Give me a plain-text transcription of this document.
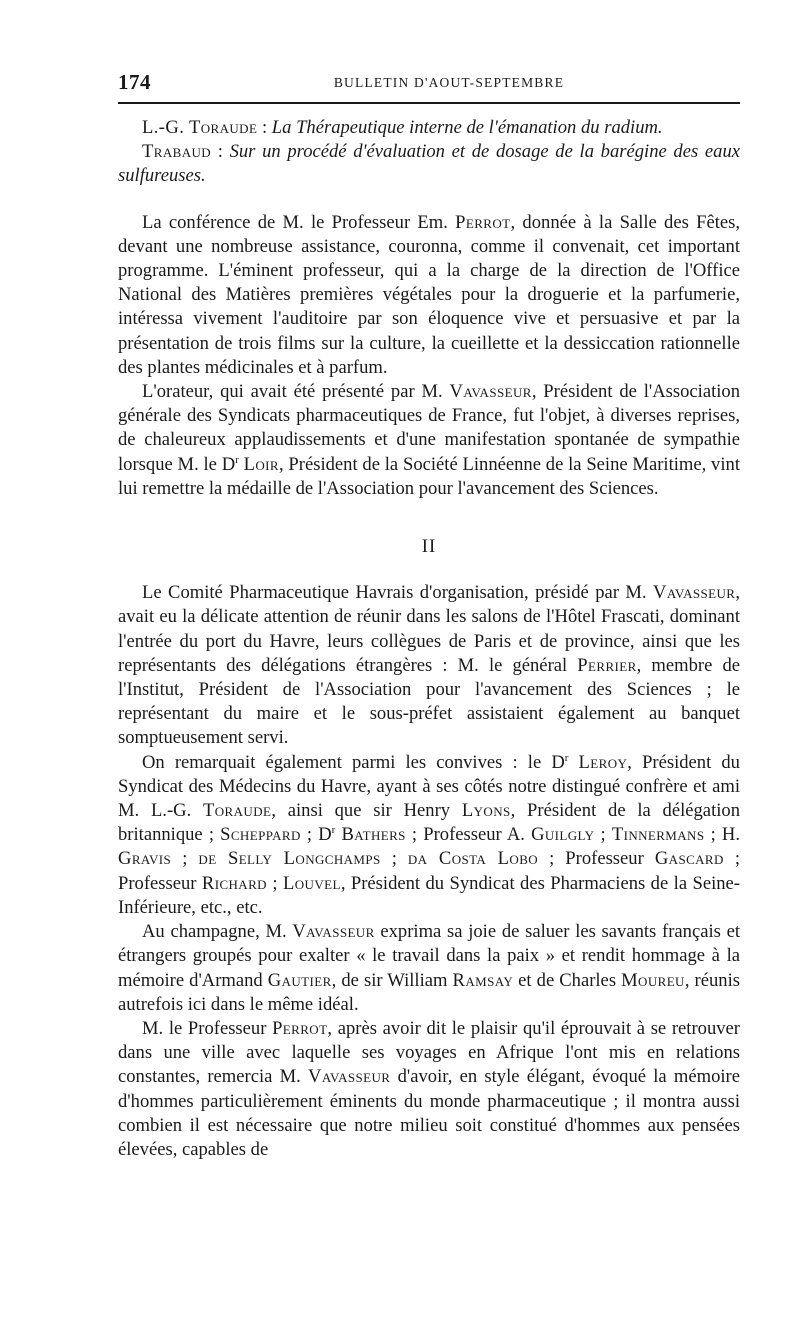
174	BULLETIN D'AOUT-SEPTEMBRE

L.-G. Toraude : La Thérapeutique interne de l'émanation du radium.

Trabaud : Sur un procédé d'évaluation et de dosage de la barégine des eaux sulfureuses.

La conférence de M. le Professeur Em. Perrot, donnée à la Salle des Fêtes, devant une nombreuse assistance, couronna, comme il convenait, cet important programme. L'éminent professeur, qui a la charge de la direction de l'Office National des Matières premières végétales pour la droguerie et la parfumerie, intéressa vivement l'auditoire par son éloquence vive et persuasive et par la présentation de trois films sur la culture, la cueillette et la dessiccation rationnelle des plantes médicinales et à parfum.

L'orateur, qui avait été présenté par M. Vavasseur, Président de l'Association générale des Syndicats pharmaceutiques de France, fut l'objet, à diverses reprises, de chaleureux applaudissements et d'une manifestation spontanée de sympathie lorsque M. le $D^r$ Loir, Président de la Société Linnéenne de la Seine Maritime, vint lui remettre la médaille de l'Association pour l'avancement des Sciences.

II

Le Comité Pharmaceutique Havrais d'organisation, présidé par M. Vavasseur, avait eu la délicate attention de réunir dans les salons de l'Hôtel Frascati, dominant l'entrée du port du Havre, leurs collègues de Paris et de province, ainsi que les représentants des délégations étrangères : M. le général Perrier, membre de l'Institut, Président de l'Association pour l'avancement des Sciences ; le représentant du maire et le sous-préfet assistaient également au banquet somptueusement servi.

On remarquait également parmi les convives : le $D^r$ Leroy, Président du Syndicat des Médecins du Havre, ayant à ses côtés notre distingué confrère et ami M. L.-G. Toraude, ainsi que sir Henry Lyons, Président de la délégation britannique ; Scheppard ; $D^r$ Bathers ; Professeur A. Guilgly ; Tinnermans ; H. Gravis ; de Selly Longchamps ; da Costa Lobo ; Professeur Gascard ; Professeur Richard ; Louvel, Président du Syndicat des Pharmaciens de la Seine-Inférieure, etc., etc.

Au champagne, M. Vavasseur exprima sa joie de saluer les savants français et étrangers groupés pour exalter « le travail dans la paix » et rendit hommage à la mémoire d'Armand Gautier, de sir William Ramsay et de Charles Moureu, réunis autrefois ici dans le même idéal.

M. le Professeur Perrot, après avoir dit le plaisir qu'il éprouvait à se retrouver dans une ville avec laquelle ses voyages en Afrique l'ont mis en relations constantes, remercia M. Vavasseur d'avoir, en style élégant, évoqué la mémoire d'hommes particulièrement éminents du monde pharmaceutique ; il montra aussi combien il est nécessaire que notre milieu soit constitué d'hommes aux pensées élevées, capables de
